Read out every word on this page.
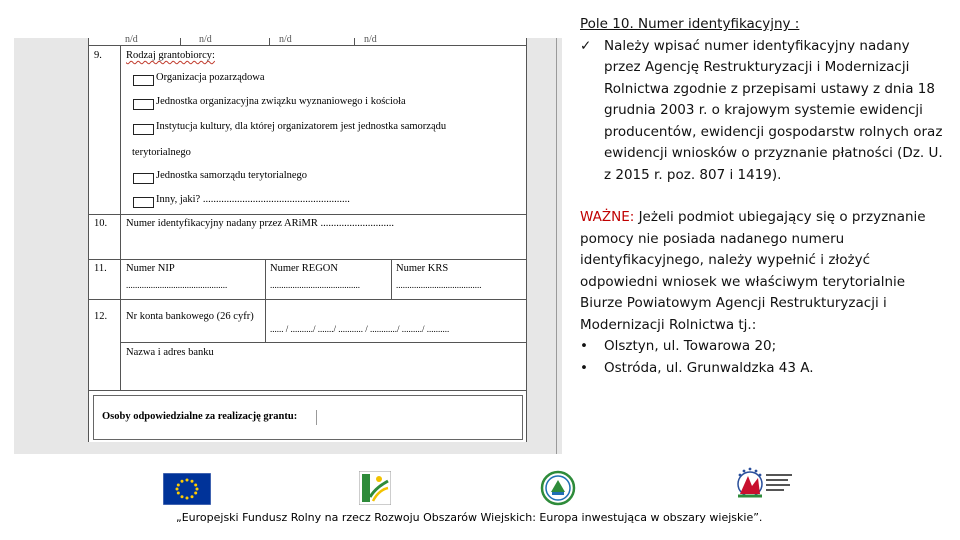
n/d	n/d	n/d	n/d
9. Rodzaj grantobiorcy:
Organizacja pozarządowa
Jednostka organizacyjna związku wyznaniowego i kościoła
Instytucja kultury, dla której organizatorem jest jednostka samorządu
terytorialnego
Jednostka samorządu terytorialnego
Inny, jaki? ........................................................
10. Numer identyfikacyjny nadany przez ARiMR ............................
11. Numer NIP
.............................................
Numer REGON
........................................
Numer KRS
......................................
12. Nr konta bankowego (26 cyfr)
...... / ........../ ......./ ........... / ............/ ........./ ..........
Nazwa i adres banku
Osoby odpowiedzialne za realizację grantu:
Pole 10. Numer identyfikacyjny :
✓ Należy wpisać numer identyfikacyjny nadany przez Agencję Restrukturyzacji i Modernizacji Rolnictwa zgodnie z przepisami ustawy z dnia 18 grudnia 2003 r. o krajowym systemie ewidencji producentów, ewidencji gospodarstw rolnych oraz ewidencji wniosków o przyznanie płatności (Dz. U. z 2015 r. poz. 807 i 1419).
WAŻNE: Jeżeli podmiot ubiegający się o przyznanie pomocy nie posiada nadanego numeru identyfikacyjnego, należy wypełnić i złożyć odpowiedni wniosek we właściwym terytorialnie Biurze Powiatowym Agencji Restrukturyzacji i Modernizacji Rolnictwa tj.:
•	Olsztyn, ul. Towarowa 20;
•	Ostróda, ul. Grunwaldzka 43 A.
„Europejski Fundusz Rolny na rzecz Rozwoju Obszarów Wiejskich: Europa inwestująca w obszary wiejskie”.
